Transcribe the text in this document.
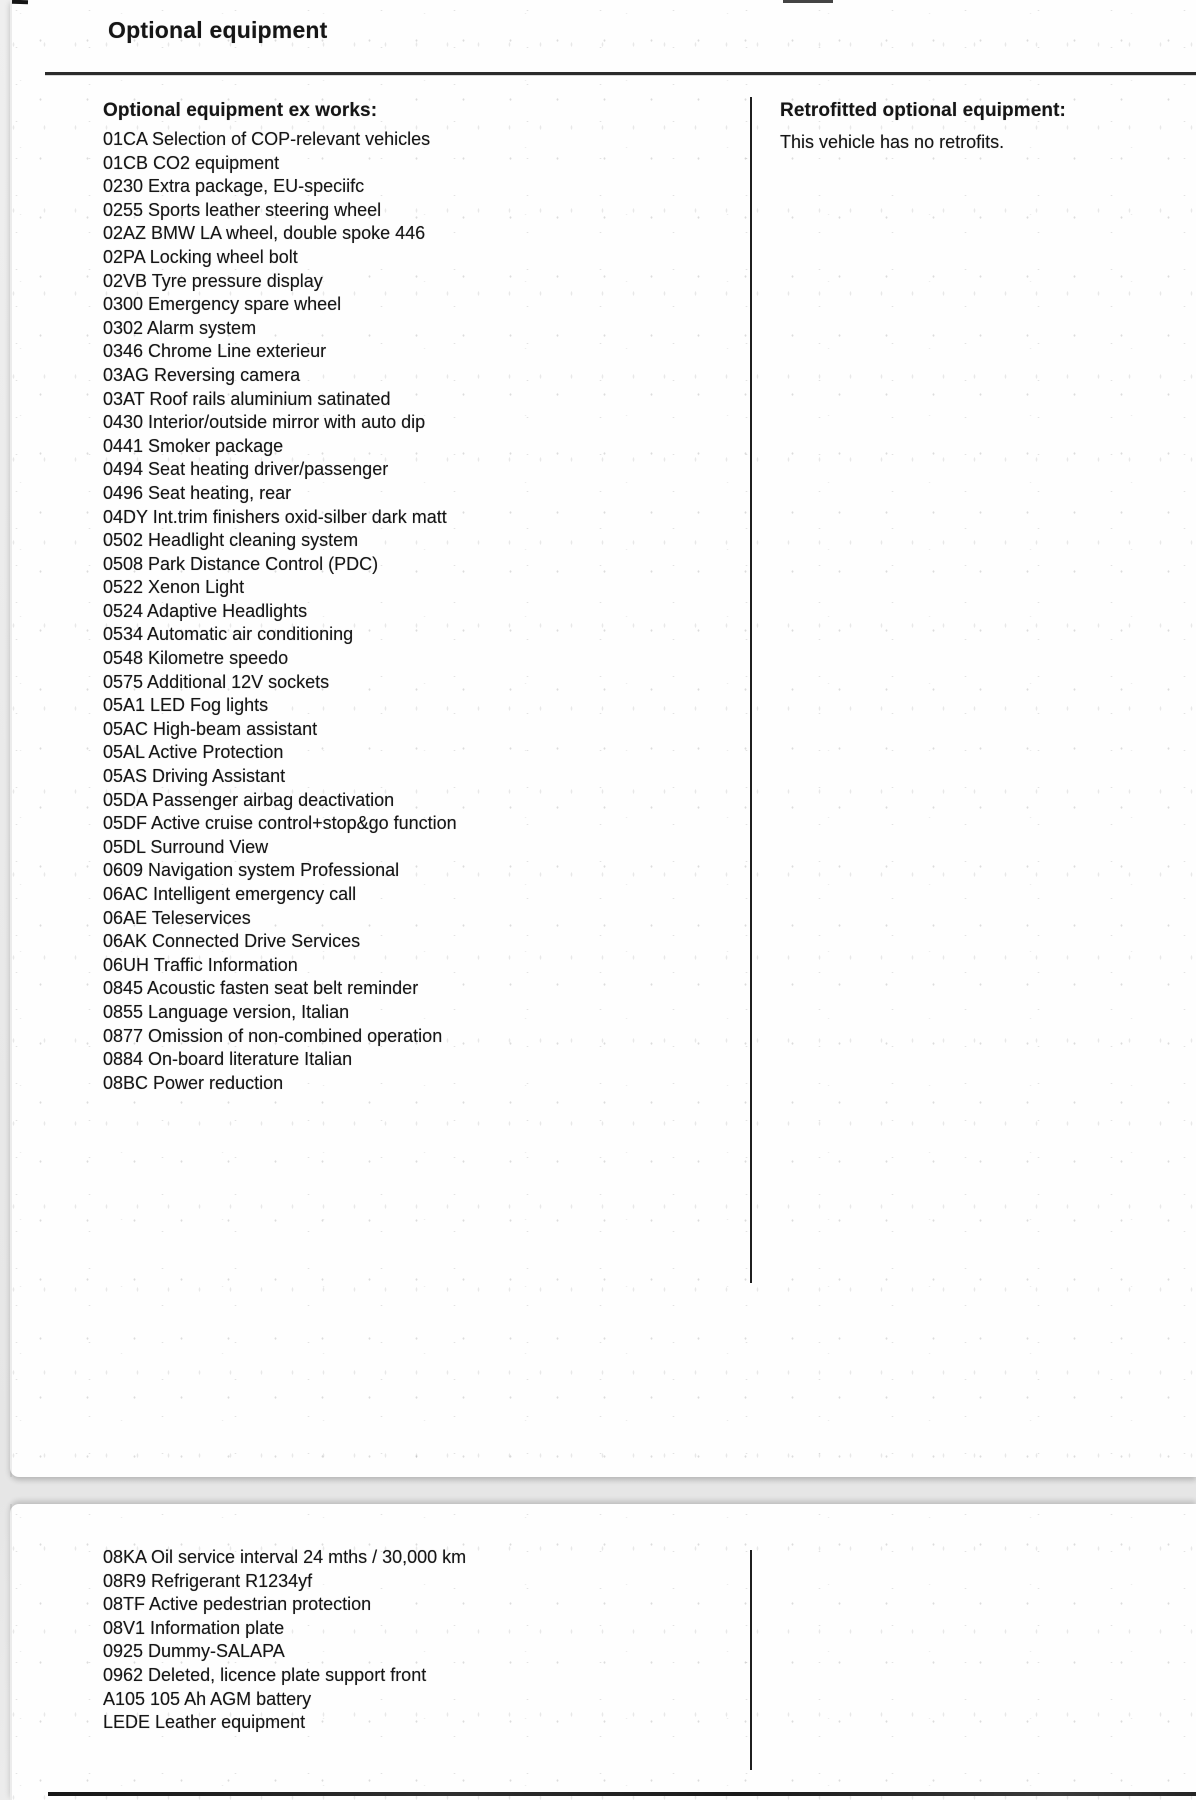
Optional equipment
Optional equipment ex works:
01CA Selection of COP-relevant vehicles
01CB CO2 equipment
0230 Extra package, EU-speciifc
0255 Sports leather steering wheel
02AZ BMW LA wheel, double spoke 446
02PA Locking wheel bolt
02VB Tyre pressure display
0300 Emergency spare wheel
0302 Alarm system
0346 Chrome Line exterieur
03AG Reversing camera
03AT Roof rails aluminium satinated
0430 Interior/outside mirror with auto dip
0441 Smoker package
0494 Seat heating driver/passenger
0496 Seat heating, rear
04DY Int.trim finishers oxid-silber dark matt
0502 Headlight cleaning system
0508 Park Distance Control (PDC)
0522 Xenon Light
0524 Adaptive Headlights
0534 Automatic air conditioning
0548 Kilometre speedo
0575 Additional 12V sockets
05A1 LED Fog lights
05AC High-beam assistant
05AL Active Protection
05AS Driving Assistant
05DA Passenger airbag deactivation
05DF Active cruise control+stop&go function
05DL Surround View
0609 Navigation system Professional
06AC Intelligent emergency call
06AE Teleservices
06AK Connected Drive Services
06UH Traffic Information
0845 Acoustic fasten seat belt reminder
0855 Language version, Italian
0877 Omission of non-combined operation
0884 On-board literature Italian
08BC Power reduction
Retrofitted optional equipment:
This vehicle has no retrofits.
08KA Oil service interval 24 mths / 30,000 km
08R9 Refrigerant R1234yf
08TF Active pedestrian protection
08V1 Information plate
0925 Dummy-SALAPA
0962 Deleted, licence plate support front
A105 105 Ah AGM battery
LEDE Leather equipment
